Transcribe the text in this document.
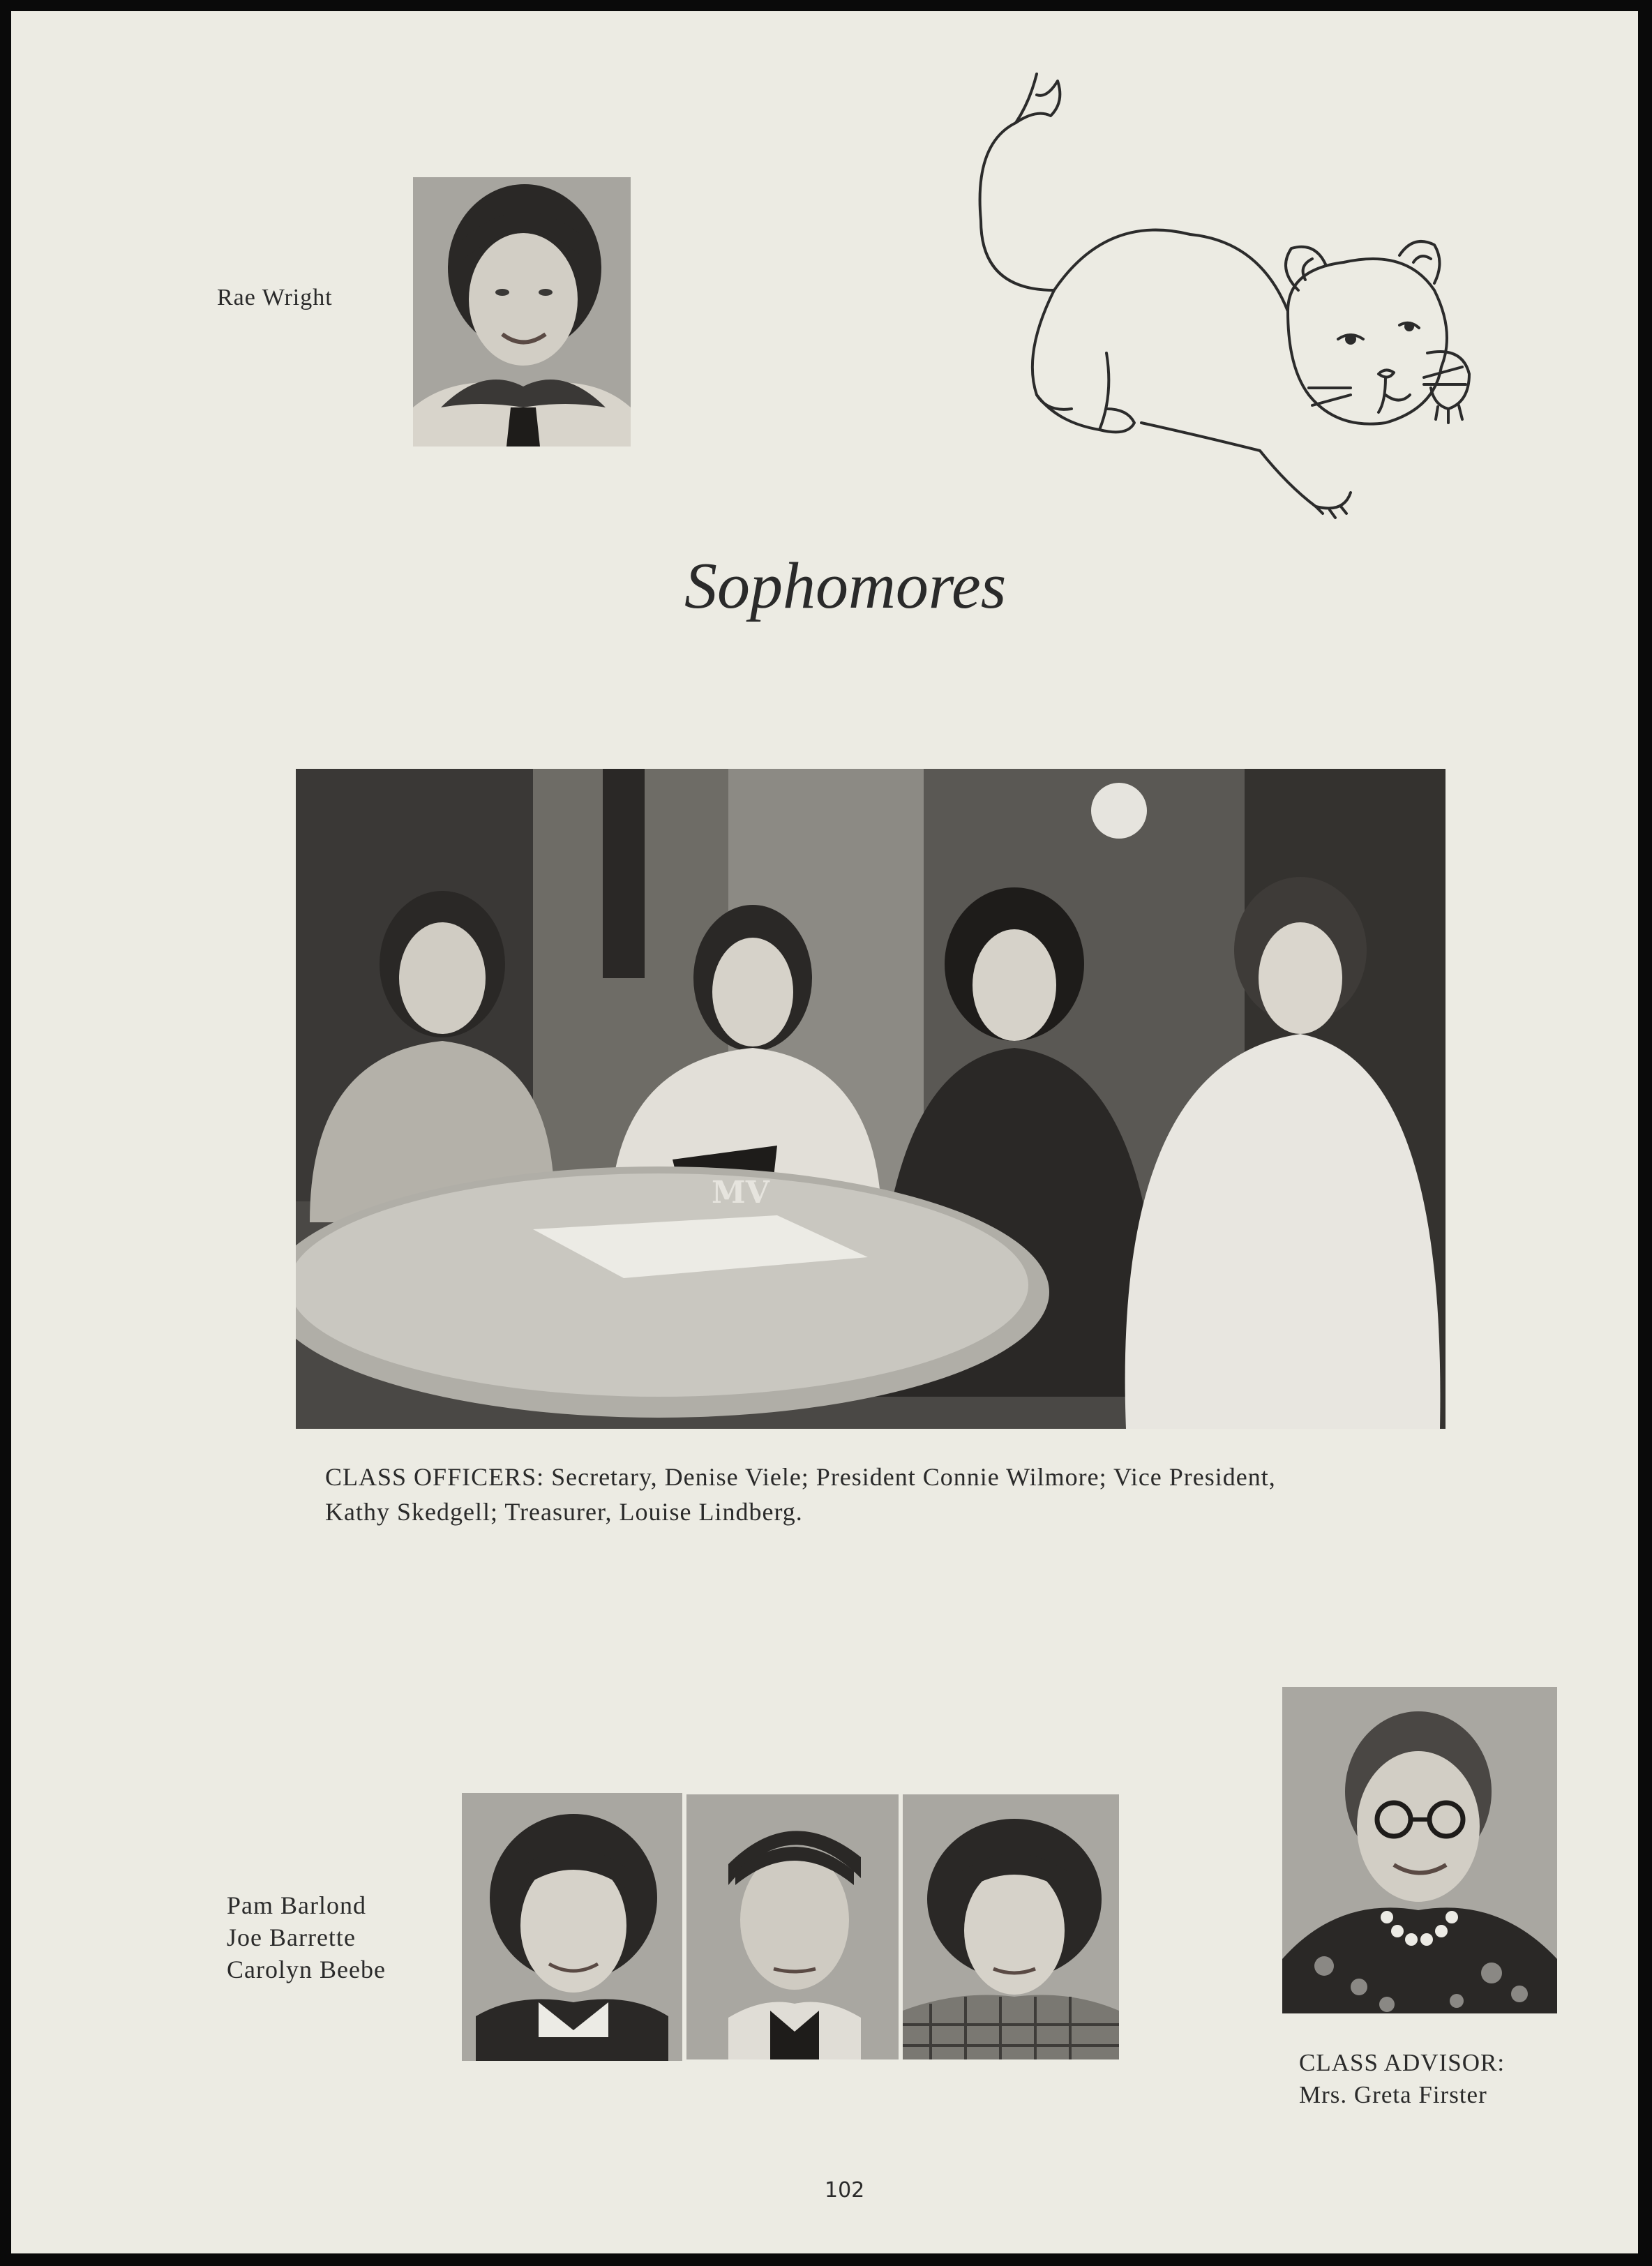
Rae Wright
Sophomores
MV
CLASS OFFICERS: Secretary, Denise Viele; President Connie Wilmore; Vice President,
Kathy Skedgell; Treasurer, Louise Lindberg.
Pam Barlond
Joe Barrette
Carolyn Beebe
CLASS ADVISOR:
Mrs. Greta Firster
102
